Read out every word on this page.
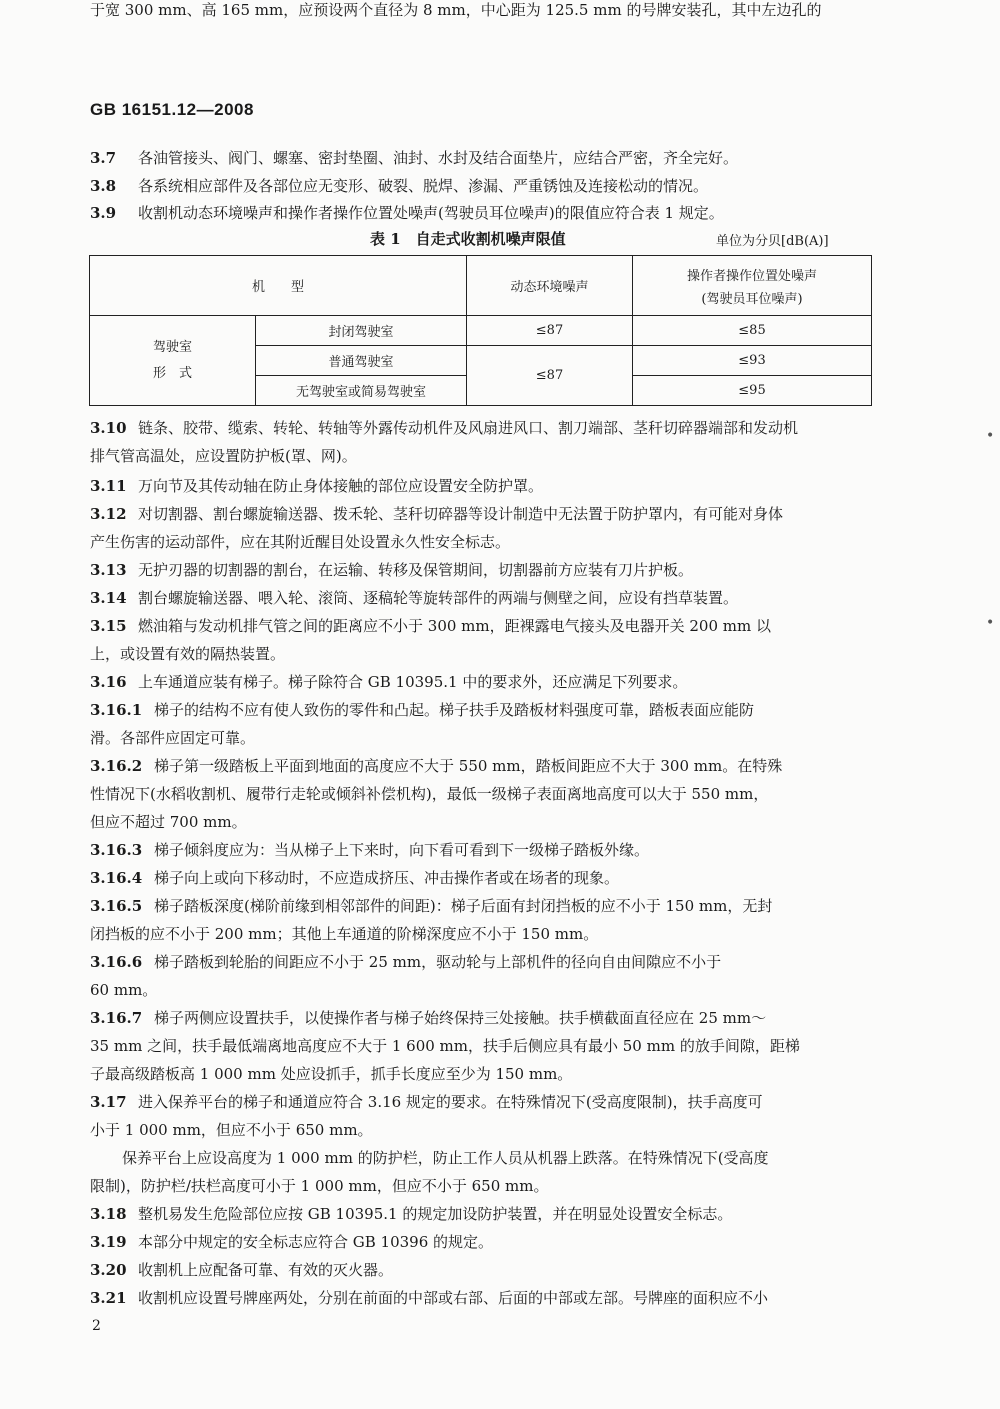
GB 16151.12—2008
3.7 各油管接头、阀门、螺塞、密封垫圈、油封、水封及结合面垫片，应结合严密，齐全完好。
3.8 各系统相应部件及各部位应无变形、破裂、脱焊、渗漏、严重锈蚀及连接松动的情况。
3.9 收割机动态环境噪声和操作者操作位置处噪声(驾驶员耳位噪声)的限值应符合表 1 规定。
表 1　自走式收割机噪声限值	单位为分贝[dB(A)]
机　　型		动态环境噪声	操作者操作位置处噪声
(驾驶员耳位噪声)

驾驶室
形　式	封闭驾驶室	≤87	≤85
	普通驾驶室	≤87	≤93
	无驾驶室或简易驾驶室		≤95
3.10 链条、胶带、缆索、转轮、转轴等外露传动机件及风扇进风口、割刀端部、茎秆切碎器端部和发动机
排气管高温处，应设置防护板(罩、网)。
3.11 万向节及其传动轴在防止身体接触的部位应设置安全防护罩。
3.12 对切割器、割台螺旋输送器、拨禾轮、茎秆切碎器等设计制造中无法置于防护罩内，有可能对身体
产生伤害的运动部件，应在其附近醒目处设置永久性安全标志。
3.13 无护刃器的切割器的割台，在运输、转移及保管期间，切割器前方应装有刀片护板。
3.14 割台螺旋输送器、喂入轮、滚筒、逐稿轮等旋转部件的两端与侧壁之间，应设有挡草装置。
3.15 燃油箱与发动机排气管之间的距离应不小于 300 mm，距裸露电气接头及电器开关 200 mm 以
上，或设置有效的隔热装置。
3.16 上车通道应装有梯子。梯子除符合 GB 10395.1 中的要求外，还应满足下列要求。
3.16.1 梯子的结构不应有使人致伤的零件和凸起。梯子扶手及踏板材料强度可靠，踏板表面应能防
滑。各部件应固定可靠。
3.16.2 梯子第一级踏板上平面到地面的高度应不大于 550 mm，踏板间距应不大于 300 mm。在特殊
性情况下(水稻收割机、履带行走轮或倾斜补偿机构)，最低一级梯子表面离地高度可以大于 550 mm，
但应不超过 700 mm。
3.16.3 梯子倾斜度应为：当从梯子上下来时，向下看可看到下一级梯子踏板外缘。
3.16.4 梯子向上或向下移动时，不应造成挤压、冲击操作者或在场者的现象。
3.16.5 梯子踏板深度(梯阶前缘到相邻部件的间距)：梯子后面有封闭挡板的应不小于 150 mm，无封
闭挡板的应不小于 200 mm；其他上车通道的阶梯深度应不小于 150 mm。
3.16.6 梯子踏板到轮胎的间距应不小于 25 mm，驱动轮与上部机件的径向自由间隙应不小于
60 mm。
3.16.7 梯子两侧应设置扶手，以使操作者与梯子始终保持三处接触。扶手横截面直径应在 25 mm～
35 mm 之间，扶手最低端离地高度应不大于 1 600 mm，扶手后侧应具有最小 50 mm 的放手间隙，距梯
子最高级踏板高 1 000 mm 处应设抓手，抓手长度应至少为 150 mm。
3.17 进入保养平台的梯子和通道应符合 3.16 规定的要求。在特殊情况下(受高度限制)，扶手高度可
小于 1 000 mm，但应不小于 650 mm。
保养平台上应设高度为 1 000 mm 的防护栏，防止工作人员从机器上跌落。在特殊情况下(受高度
限制)，防护栏/扶栏高度可小于 1 000 mm，但应不小于 650 mm。
3.18 整机易发生危险部位应按 GB 10395.1 的规定加设防护装置，并在明显处设置安全标志。
3.19 本部分中规定的安全标志应符合 GB 10396 的规定。
3.20 收割机上应配备可靠、有效的灭火器。
3.21 收割机应设置号牌座两处，分别在前面的中部或右部、后面的中部或左部。号牌座的面积应不小
于宽 300 mm、高 165 mm，应预设两个直径为 8 mm，中心距为 125.5 mm 的号牌安装孔，其中左边孔的
•
•
2
